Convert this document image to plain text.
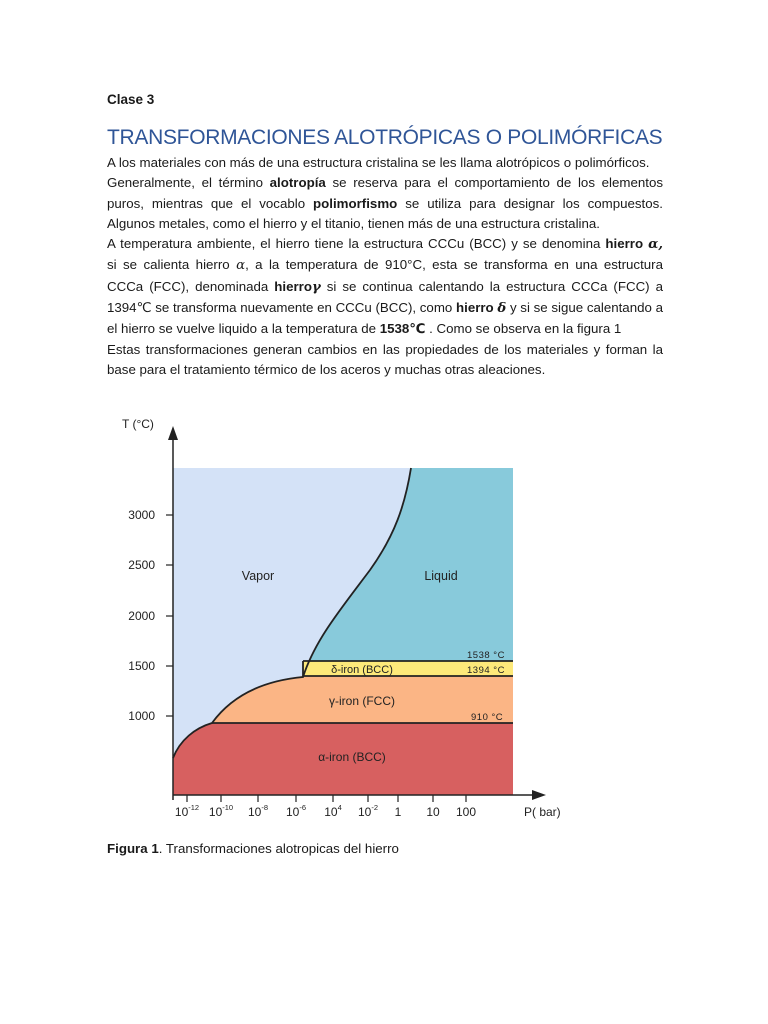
Clase 3
TRANSFORMACIONES ALOTRÓPICAS O POLIMÓRFICAS

A los materiales con más de una estructura cristalina se les llama alotrópicos o polimórficos.

Generalmente, el término alotropía se reserva para el comportamiento de los elementos

puros, mientras que el vocablo polimorfismo se utiliza para designar los compuestos.

Algunos metales, como el hierro y el titanio, tienen más de una estructura cristalina.

A temperatura ambiente, el hierro tiene la estructura CCCu (BCC) y se denomina hierro α,

si se calienta hierro α, a la temperatura de 910°C, esta se transforma en una estructura

CCCa (FCC), denominada hierroγ si se continua calentando la estructura CCCa (FCC) a

1394℃ se transforma nuevamente en CCCu (BCC), como hierro δ y si se sigue calentando a

el hierro se vuelve liquido a la temperatura de 1538℃ . Como se observa en la figura 1

Estas transformaciones generan cambios en las propiedades de los materiales y forman la

base para el tratamiento térmico de los aceros y muchas otras aleaciones.

3000
2500
2000
1500
1000
T (°C)
P( bar)
$10^{-12}$ $10^{-10}$ $10^{-8}$ $10^{-6}$ $10^4$ $10^{-2}$ 1 10 100
Vapor	Liquid
δ-iron (BCC)
γ-iron (FCC)
α-iron (BCC)
1538 °C
1394 °C
910 °C
Figura 1. Transformaciones alotropicas del hierro
